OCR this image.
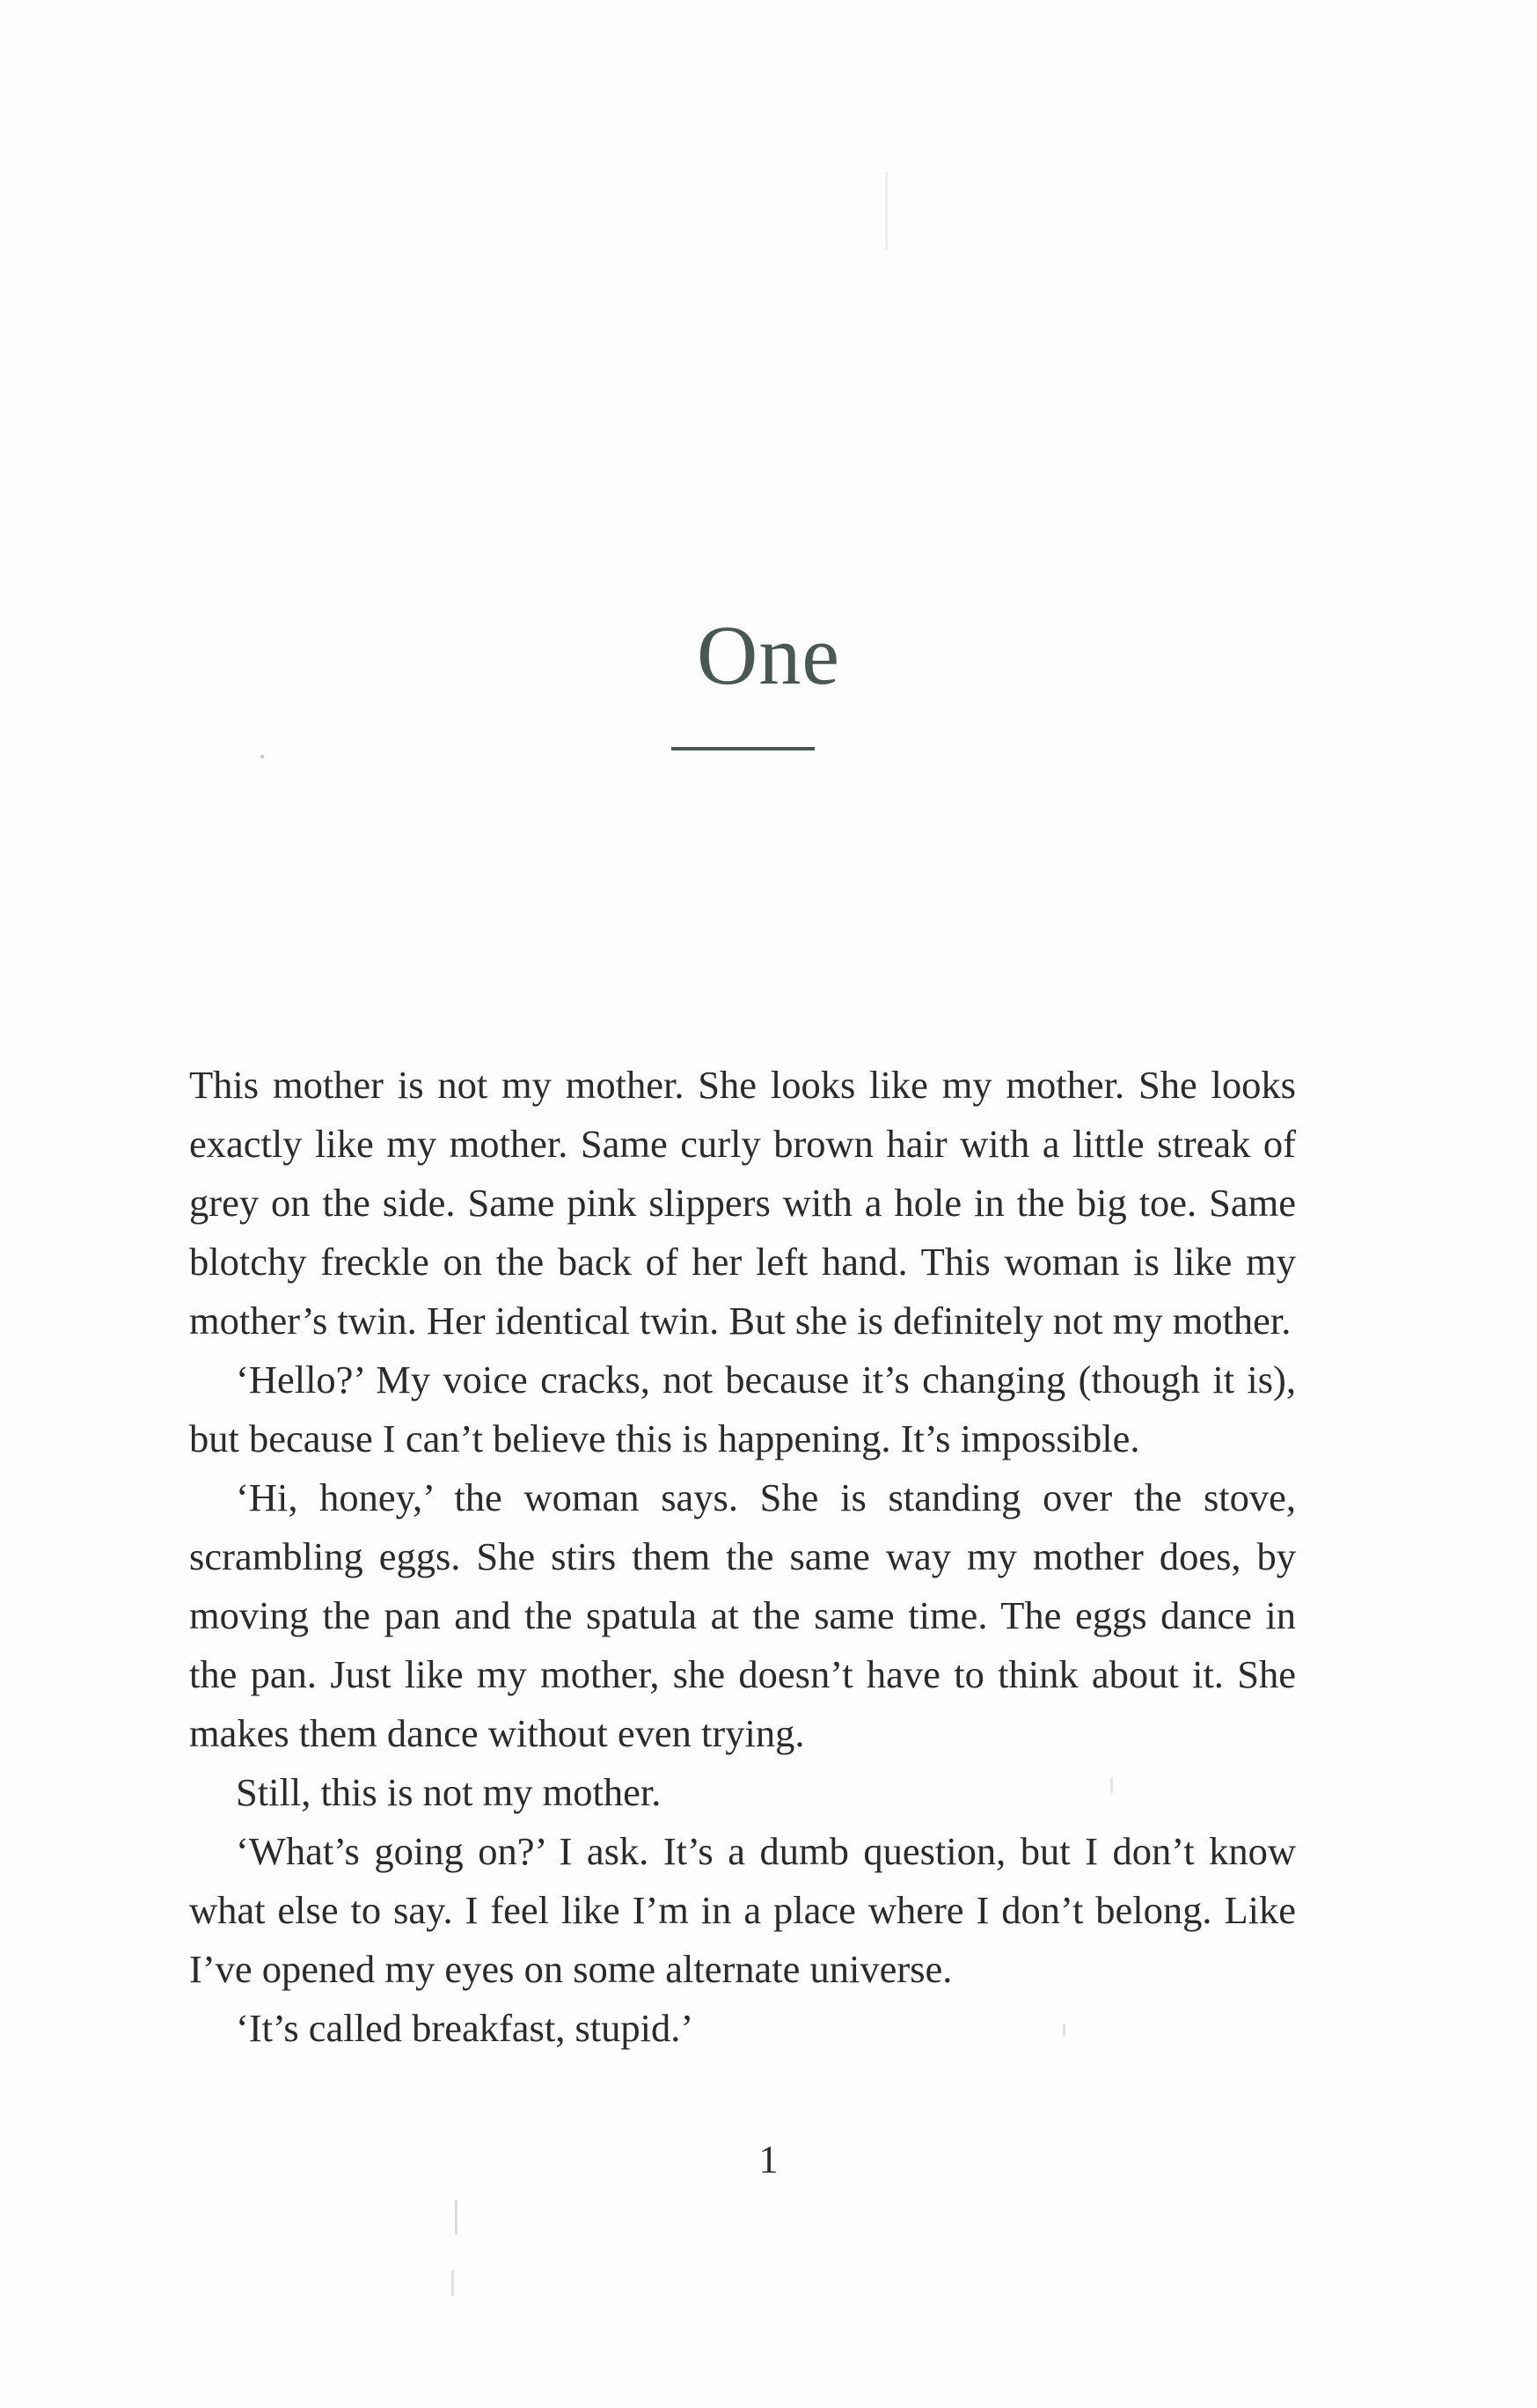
One

This mother is not my mother. She looks like my mother. She looks exactly like my mother. Same curly brown hair with a little streak of grey on the side. Same pink slippers with a hole in the big toe. Same blotchy freckle on the back of her left hand. This woman is like my mother’s twin. Her identical twin. But she is definitely not my mother.

‘Hello?’ My voice cracks, not because it’s changing (though it is), but because I can’t believe this is happening. It’s impossible.

‘Hi, honey,’ the woman says. She is standing over the stove, scrambling eggs. She stirs them the same way my mother does, by moving the pan and the spatula at the same time. The eggs dance in the pan. Just like my mother, she doesn’t have to think about it. She makes them dance without even trying.

Still, this is not my mother.

‘What’s going on?’ I ask. It’s a dumb question, but I don’t know what else to say. I feel like I’m in a place where I don’t belong. Like I’ve opened my eyes on some alternate universe.

‘It’s called breakfast, stupid.’

1
